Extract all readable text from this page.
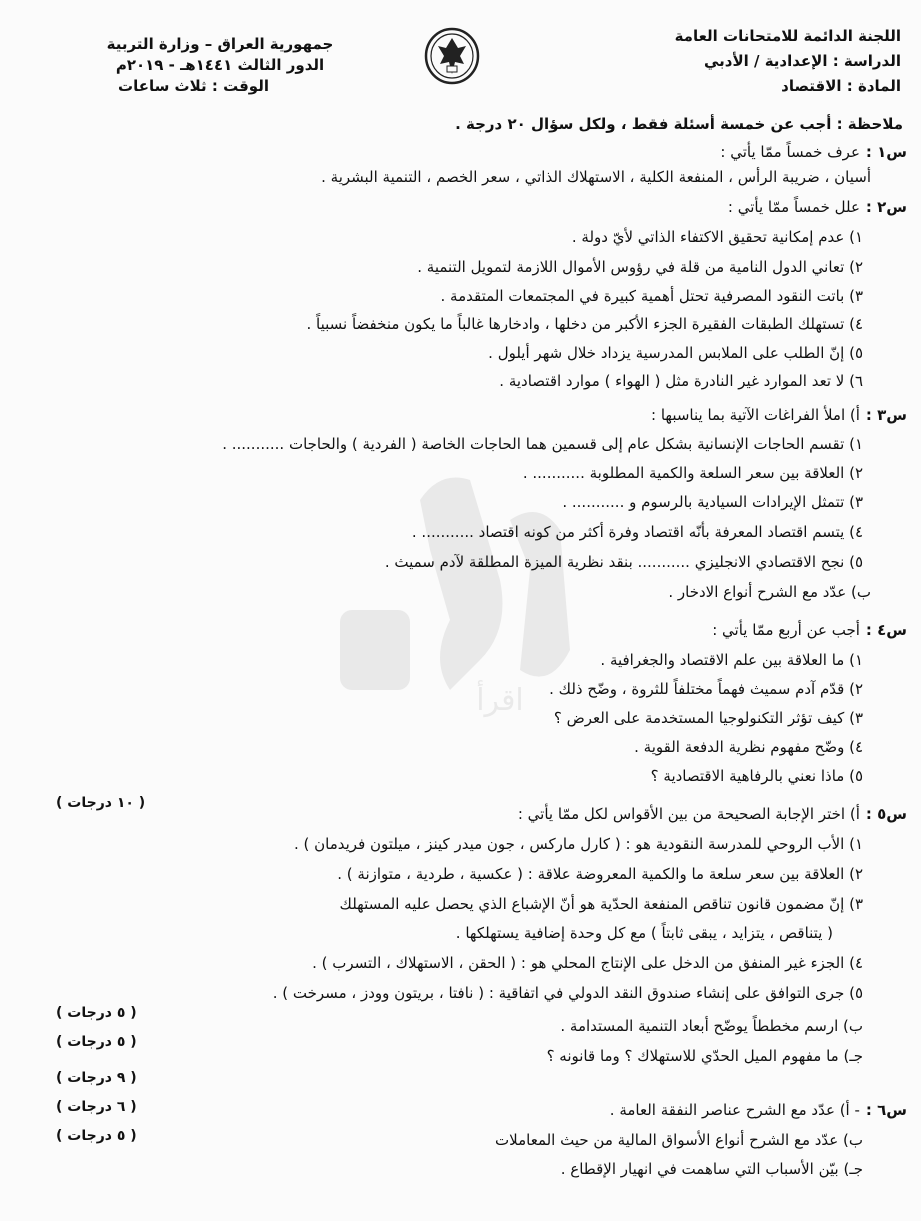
اللجنة الدائمة للامتحانات العامة
الدراسة : الإعدادية / الأدبي
المادة : الاقتصاد
جمهورية العراق – وزارة التربية
الدور الثالث ١٤٤١هـ - ٢٠١٩م
الوقت : ثلاث ساعات
اقرأ
ملاحظة : أجب عن خمسة أسئلة فقط ، ولكل سؤال ٢٠ درجة .
س١ :عرف خمساً ممّا يأتي :
أسيان ، ضريبة الرأس ، المنفعة الكلية ، الاستهلاك الذاتي ، سعر الخصم ، التنمية البشرية .
س٢ :علل خمساً ممّا يأتي :
١) عدم إمكانية تحقيق الاكتفاء الذاتي لأيّ دولة .
٢) تعاني الدول النامية من قلة في رؤوس الأموال اللازمة لتمويل التنمية .
٣) باتت النقود المصرفية تحتل أهمية كبيرة في المجتمعات المتقدمة .
٤) تستهلك الطبقات الفقيرة الجزء الأكبر من دخلها ، وادخارها غالباً ما يكون منخفضاً نسبياً .
٥) إنّ الطلب على الملابس المدرسية يزداد خلال شهر أيلول .
٦) لا تعد الموارد غير النادرة مثل ( الهواء ) موارد اقتصادية .
س٣ :أ) املأ الفراغات الآتية بما يناسبها :
١) تقسم الحاجات الإنسانية بشكل عام إلى قسمين هما الحاجات الخاصة ( الفردية ) والحاجات ........... .
٢) العلاقة بين سعر السلعة والكمية المطلوبة ........... .
٣) تتمثل الإيرادات السيادية بالرسوم و ........... .
٤) يتسم اقتصاد المعرفة بأنّه اقتصاد وفرة أكثر من كونه اقتصاد ........... .
٥) نجح الاقتصادي الانجليزي ........... بنقد نظرية الميزة المطلقة لآدم سميث .
ب) عدّد مع الشرح أنواع الادخار .
س٤ :أجب عن أربع ممّا يأتي :
١) ما العلاقة بين علم الاقتصاد والجغرافية .
٢) قدّم آدم سميث فهماً مختلفاً للثروة ، وضّح ذلك .
٣) كيف تؤثر التكنولوجيا المستخدمة على العرض ؟
٤) وضّح مفهوم نظرية الدفعة القوية .
٥) ماذا نعني بالرفاهية الاقتصادية ؟
( ١٠ درجات )
س٥ :أ) اختر الإجابة الصحيحة من بين الأقواس لكل ممّا يأتي :
١) الأب الروحي للمدرسة النقودية هو : ( كارل ماركس ، جون ميدر كينز ، ميلتون فريدمان ) .
٢) العلاقة بين سعر سلعة ما والكمية المعروضة علاقة : ( عكسية ، طردية ، متوازنة ) .
٣) إنّ مضمون قانون تناقص المنفعة الحدّية هو أنّ الإشباع الذي يحصل عليه المستهلك
( يتناقص ، يتزايد ، يبقى ثابتاً ) مع كل وحدة إضافية يستهلكها .
٤) الجزء غير المنفق من الدخل على الإنتاج المحلي هو : ( الحقن ، الاستهلاك ، التسرب ) .
٥) جرى التوافق على إنشاء صندوق النقد الدولي في اتفاقية : ( نافتا ، بريتون وودز ، مسرخت ) .
ب) ارسم مخططاً يوضّح أبعاد التنمية المستدامة .
جـ) ما مفهوم الميل الحدّي للاستهلاك ؟ وما قانونه ؟
( ٥ درجات )
( ٥ درجات )
( ٩ درجات )
( ٦ درجات )
( ٥ درجات )
س٦ :- أ) عدّد مع الشرح عناصر النفقة العامة .
ب) عدّد مع الشرح أنواع الأسواق المالية من حيث المعاملات
جـ) بيّن الأسباب التي ساهمت في انهيار الإقطاع .
